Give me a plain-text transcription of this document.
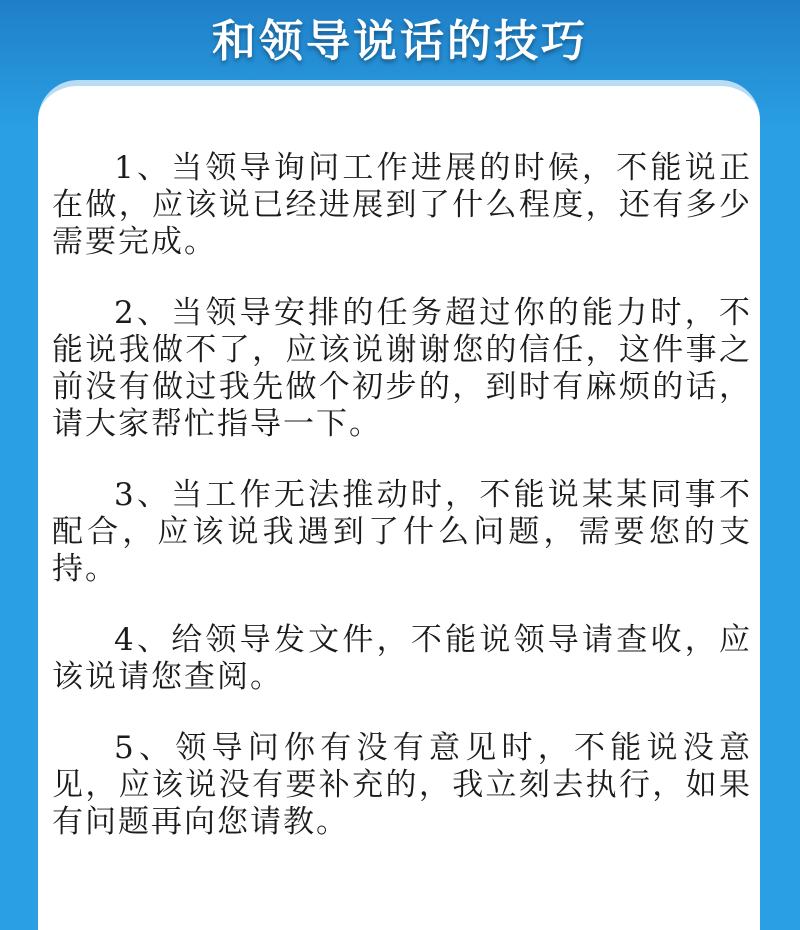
和领导说话的技巧

1、当领导询问工作进展的时候，不能说正在做，应该说已经进展到了什么程度，还有多少需要完成。

2、当领导安排的任务超过你的能力时，不能说我做不了，应该说谢谢您的信任，这件事之前没有做过我先做个初步的，到时有麻烦的话，请大家帮忙指导一下。

3、当工作无法推动时，不能说某某同事不配合，应该说我遇到了什么问题，需要您的支持。

4、给领导发文件，不能说领导请查收，应该说请您查阅。

5、领导问你有没有意见时，不能说没意见，应该说没有要补充的，我立刻去执行，如果有问题再向您请教。
